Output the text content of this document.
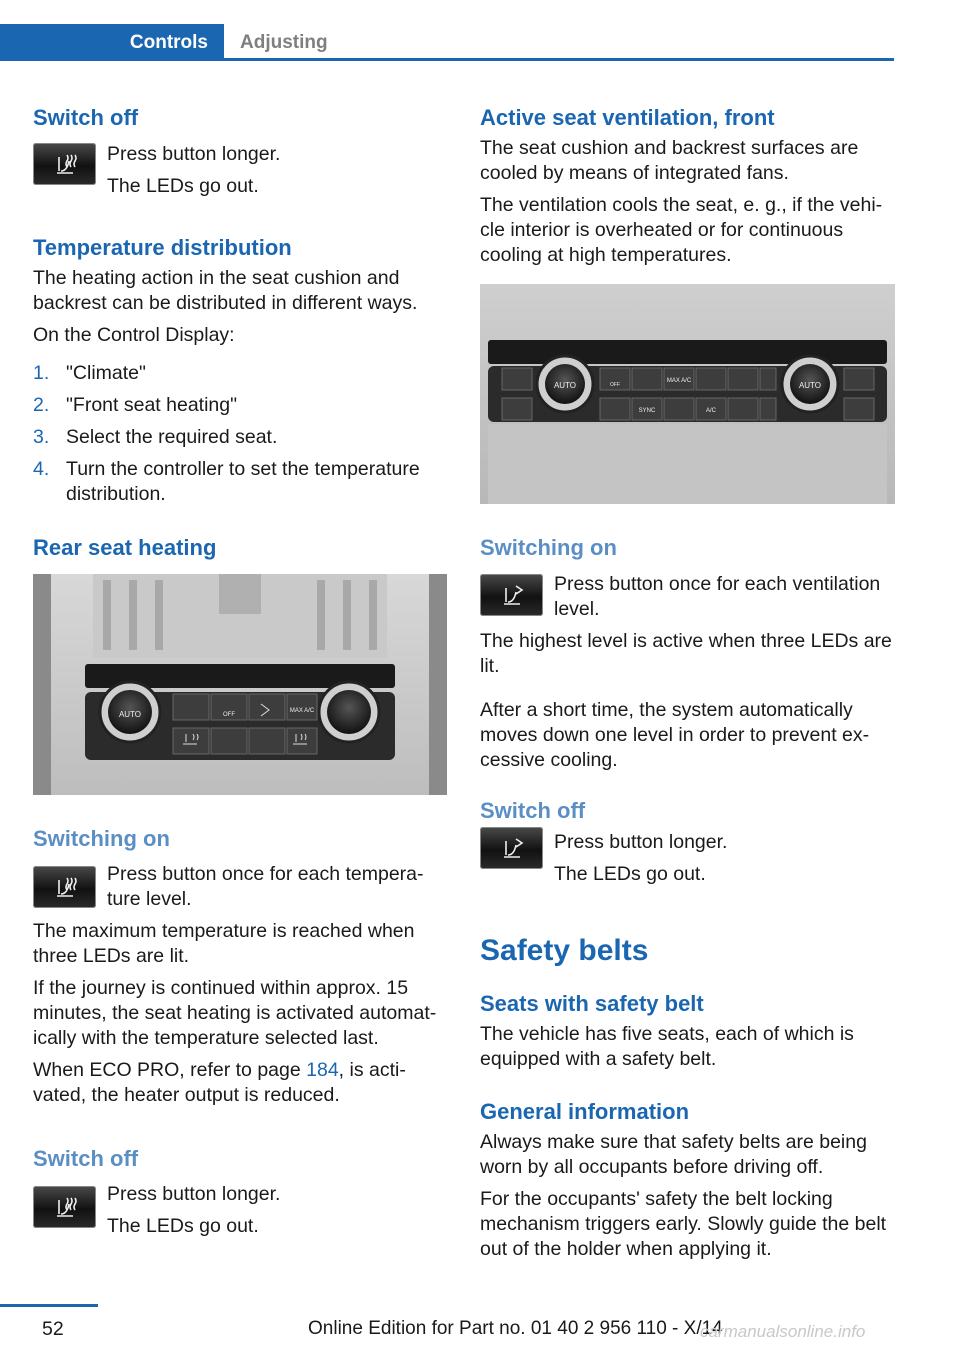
Controls	Adjusting
Switch off

Press button longer.

The LEDs go out.

Temperature distribution

The heating action in the seat cushion and backrest can be distributed in different ways.

On the Control Display:

1. "Climate"
2. "Front seat heating"
3. Select the required seat.
4. Turn the controller to set the temperature distribution.
Rear seat heating
AUTO	OFF
MAX A/C
Switching on

Press button once for each tempera‐ture level.

The maximum temperature is reached when three LEDs are lit.

If the journey is continued within approx. 15 minutes, the seat heating is activated automat‐ically with the temperature selected last.

When ECO PRO, refer to page 184, is acti‐vated, the heater output is reduced.

Switch off

Press button longer.

The LEDs go out.

Active seat ventilation, front

The seat cushion and backrest surfaces are cooled by means of integrated fans.

The ventilation cools the seat, e. g., if the vehi‐cle interior is overheated or for continuous cooling at high temperatures.

AUTO	AUTO
OFF
MAX A/C
SYNC	A/C
Switching on

Press button once for each ventilation level.

The highest level is active when three LEDs are lit.

After a short time, the system automatically moves down one level in order to prevent ex‐cessive cooling.

Switch off

Press button longer.

The LEDs go out.

Safety belts
Seats with safety belt

The vehicle has five seats, each of which is equipped with a safety belt.

General information

Always make sure that safety belts are being worn by all occupants before driving off.

For the occupants' safety the belt locking mechanism triggers early. Slowly guide the belt out of the holder when applying it.

52	Online Edition for Part no. 01 40 2 956 110 - X/14
carmanualsonline.info
